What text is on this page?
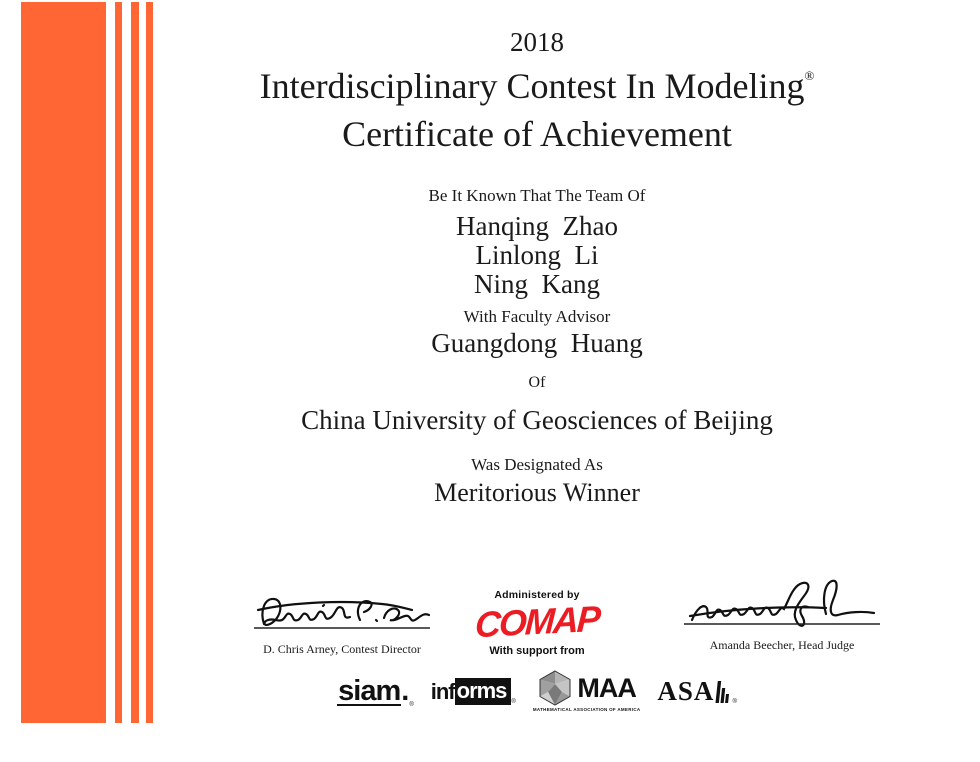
2018
Interdisciplinary Contest In Modeling®
Certificate of Achievement
Be It Known That The Team Of
Hanqing  Zhao
Linlong  Li
Ning  Kang
With Faculty Advisor
Guangdong  Huang
Of
China University of Geosciences of Beijing
Was Designated As
Meritorious Winner
D. Chris Arney, Contest Director
Administered by
COMAP
With support from	Amanda Beecher, Head Judge
siam.®
inf orms ® MAA
MATHEMATICAL ASSOCIATION OF AMERICA
ASA	®
